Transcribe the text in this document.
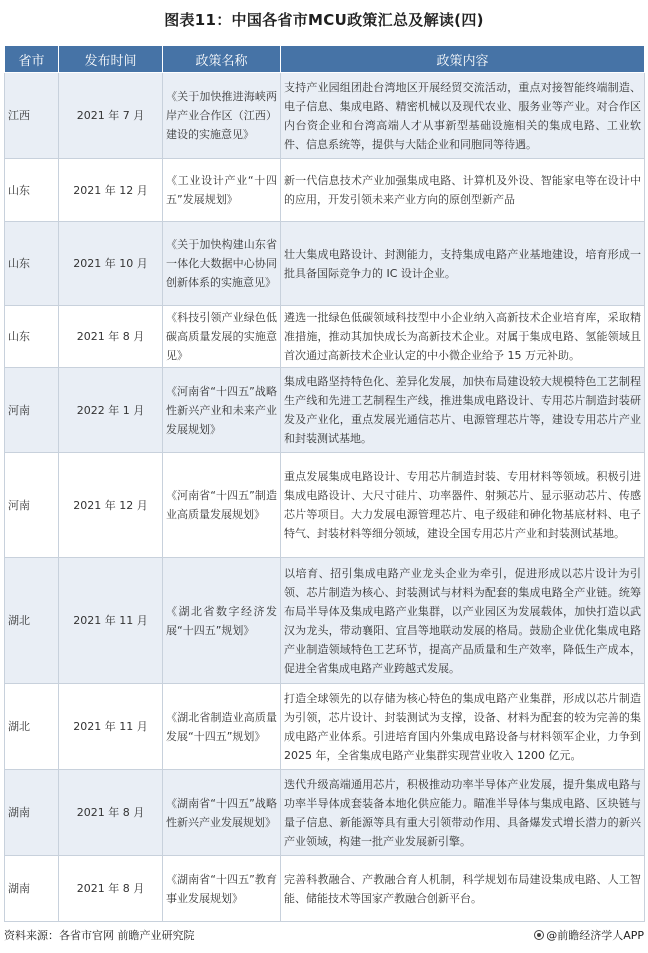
图表11：中国各省市MCU政策汇总及解读(四)
省市	发布时间	政策名称	政策内容
江西	2021 年 7 月	《关于加快推进海峡两岸产业合作区（江西）建设的实施意见》	支持产业园组团赴台湾地区开展经贸交流活动，重点对接智能终端制造、电子信息、集成电路、精密机械以及现代农业、服务业等产业。对合作区内台资企业和台湾高端人才从事新型基础设施相关的集成电路、工业软件、信息系统等，提供与大陆企业和同胞同等待遇。
山东	2021 年 12 月	《工业设计产业“十四五”发展规划》	新一代信息技术产业加强集成电路、计算机及外设、智能家电等在设计中的应用，开发引领未来产业方向的原创型新产品
山东	2021 年 10 月	《关于加快构建山东省一体化大数据中心协同创新体系的实施意见》	壮大集成电路设计、封测能力，支持集成电路产业基地建设，培育形成一批具备国际竞争力的 IC 设计企业。
山东	2021 年 8 月	《科技引领产业绿色低碳高质量发展的实施意见》	遴选一批绿色低碳领域科技型中小企业纳入高新技术企业培育库，采取精准措施，推动其加快成长为高新技术企业。对属于集成电路、氢能领域且首次通过高新技术企业认定的中小微企业给予 15 万元补助。
河南	2022 年 1 月	《河南省“十四五”战略性新兴产业和未来产业发展规划》	集成电路坚持特色化、差异化发展，加快布局建设较大规模特色工艺制程生产线和先进工艺制程生产线，推进集成电路设计、专用芯片制造封装研发及产业化，重点发展光通信芯片、电源管理芯片等，建设专用芯片产业和封装测试基地。
河南	2021 年 12 月	《河南省“十四五”制造业高质量发展规划》	重点发展集成电路设计、专用芯片制造封装、专用材料等领域。积极引进集成电路设计、大尺寸硅片、功率器件、射频芯片、显示驱动芯片、传感芯片等项目。大力发展电源管理芯片、电子级硅和砷化物基底材料、电子特气、封装材料等细分领域，建设全国专用芯片产业和封装测试基地。
湖北	2021 年 11 月	《湖北省数字经济发展“十四五”规划》	以培育、招引集成电路产业龙头企业为牵引，促进形成以芯片设计为引领、芯片制造为核心、封装测试与材料为配套的集成电路全产业链。统筹布局半导体及集成电路产业集群，以产业园区为发展载体，加快打造以武汉为龙头，带动襄阳、宜昌等地联动发展的格局。鼓励企业优化集成电路产业制造领域特色工艺环节，提高产品质量和生产效率，降低生产成本，促进全省集成电路产业跨越式发展。
湖北	2021 年 11 月	《湖北省制造业高质量发展“十四五”规划》	打造全球领先的以存储为核心特色的集成电路产业集群，形成以芯片制造为引领，芯片设计、封装测试为支撑，设备、材料为配套的较为完善的集成电路产业体系。引进培育国内外集成电路设备与材料领军企业，力争到 2025 年，全省集成电路产业集群实现营业收入 1200 亿元。
湖南	2021 年 8 月	《湖南省“十四五”战略性新兴产业发展规划》	迭代升级高端通用芯片，积极推动功率半导体产业发展，提升集成电路与功率半导体成套装备本地化供应能力。瞄准半导体与集成电路、区块链与量子信息、新能源等具有重大引领带动作用、具备爆发式增长潜力的新兴产业领域，构建一批产业发展新引擎。
湖南	2021 年 8 月	《湖南省“十四五”教育事业发展规划》	完善科教融合、产教融合育人机制，科学规划布局建设集成电路、人工智能、储能技术等国家产教融合创新平台。
资料来源：各省市官网 前瞻产业研究院	@前瞻经济学人APP
